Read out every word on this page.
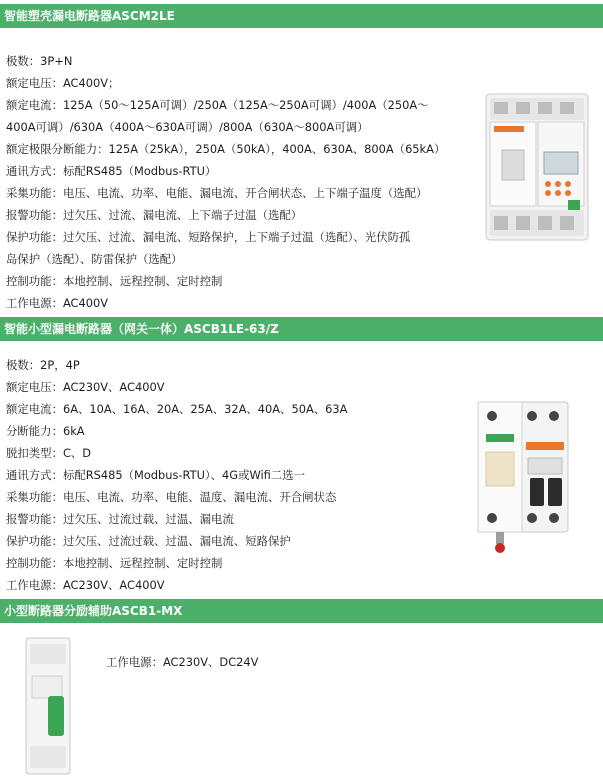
智能塑壳漏电断路器ASCM2LE
极数：3P+N
额定电压：AC400V；
额定电流：125A（50～125A可调）/250A（125A～250A可调）/400A（250A～
400A可调）/630A（400A～630A可调）/800A（630A～800A可调）
额定极限分断能力：125A（25kA），250A（50kA），400A、630A、800A（65kA）
通讯方式：标配RS485（Modbus-RTU）
采集功能：电压、电流、功率、电能、漏电流、开合闸状态、上下端子温度（选配）
报警功能：过欠压、过流、漏电流、上下端子过温（选配）
保护功能：过欠压、过流、漏电流、短路保护，上下端子过温（选配）、光伏防孤
岛保护（选配）、防雷保护（选配）
控制功能：本地控制、远程控制、定时控制
工作电源：AC400V
智能小型漏电断路器（网关一体）ASCB1LE-63/Z
极数：2P，4P
额定电压：AC230V、AC400V
额定电流：6A、10A、16A、20A、25A、32A、40A、50A、63A
分断能力：6kA
脱扣类型：C、D
通讯方式：标配RS485（Modbus-RTU）、4G或Wifi二选一
采集功能：电压、电流、功率、电能、温度、漏电流、开合闸状态
报警功能：过欠压、过流过载、过温、漏电流
保护功能：过欠压、过流过载、过温、漏电流、短路保护
控制功能：本地控制、远程控制、定时控制
工作电源：AC230V、AC400V
小型断路器分励辅助ASCB1-MX
工作电源：AC230V、DC24V
